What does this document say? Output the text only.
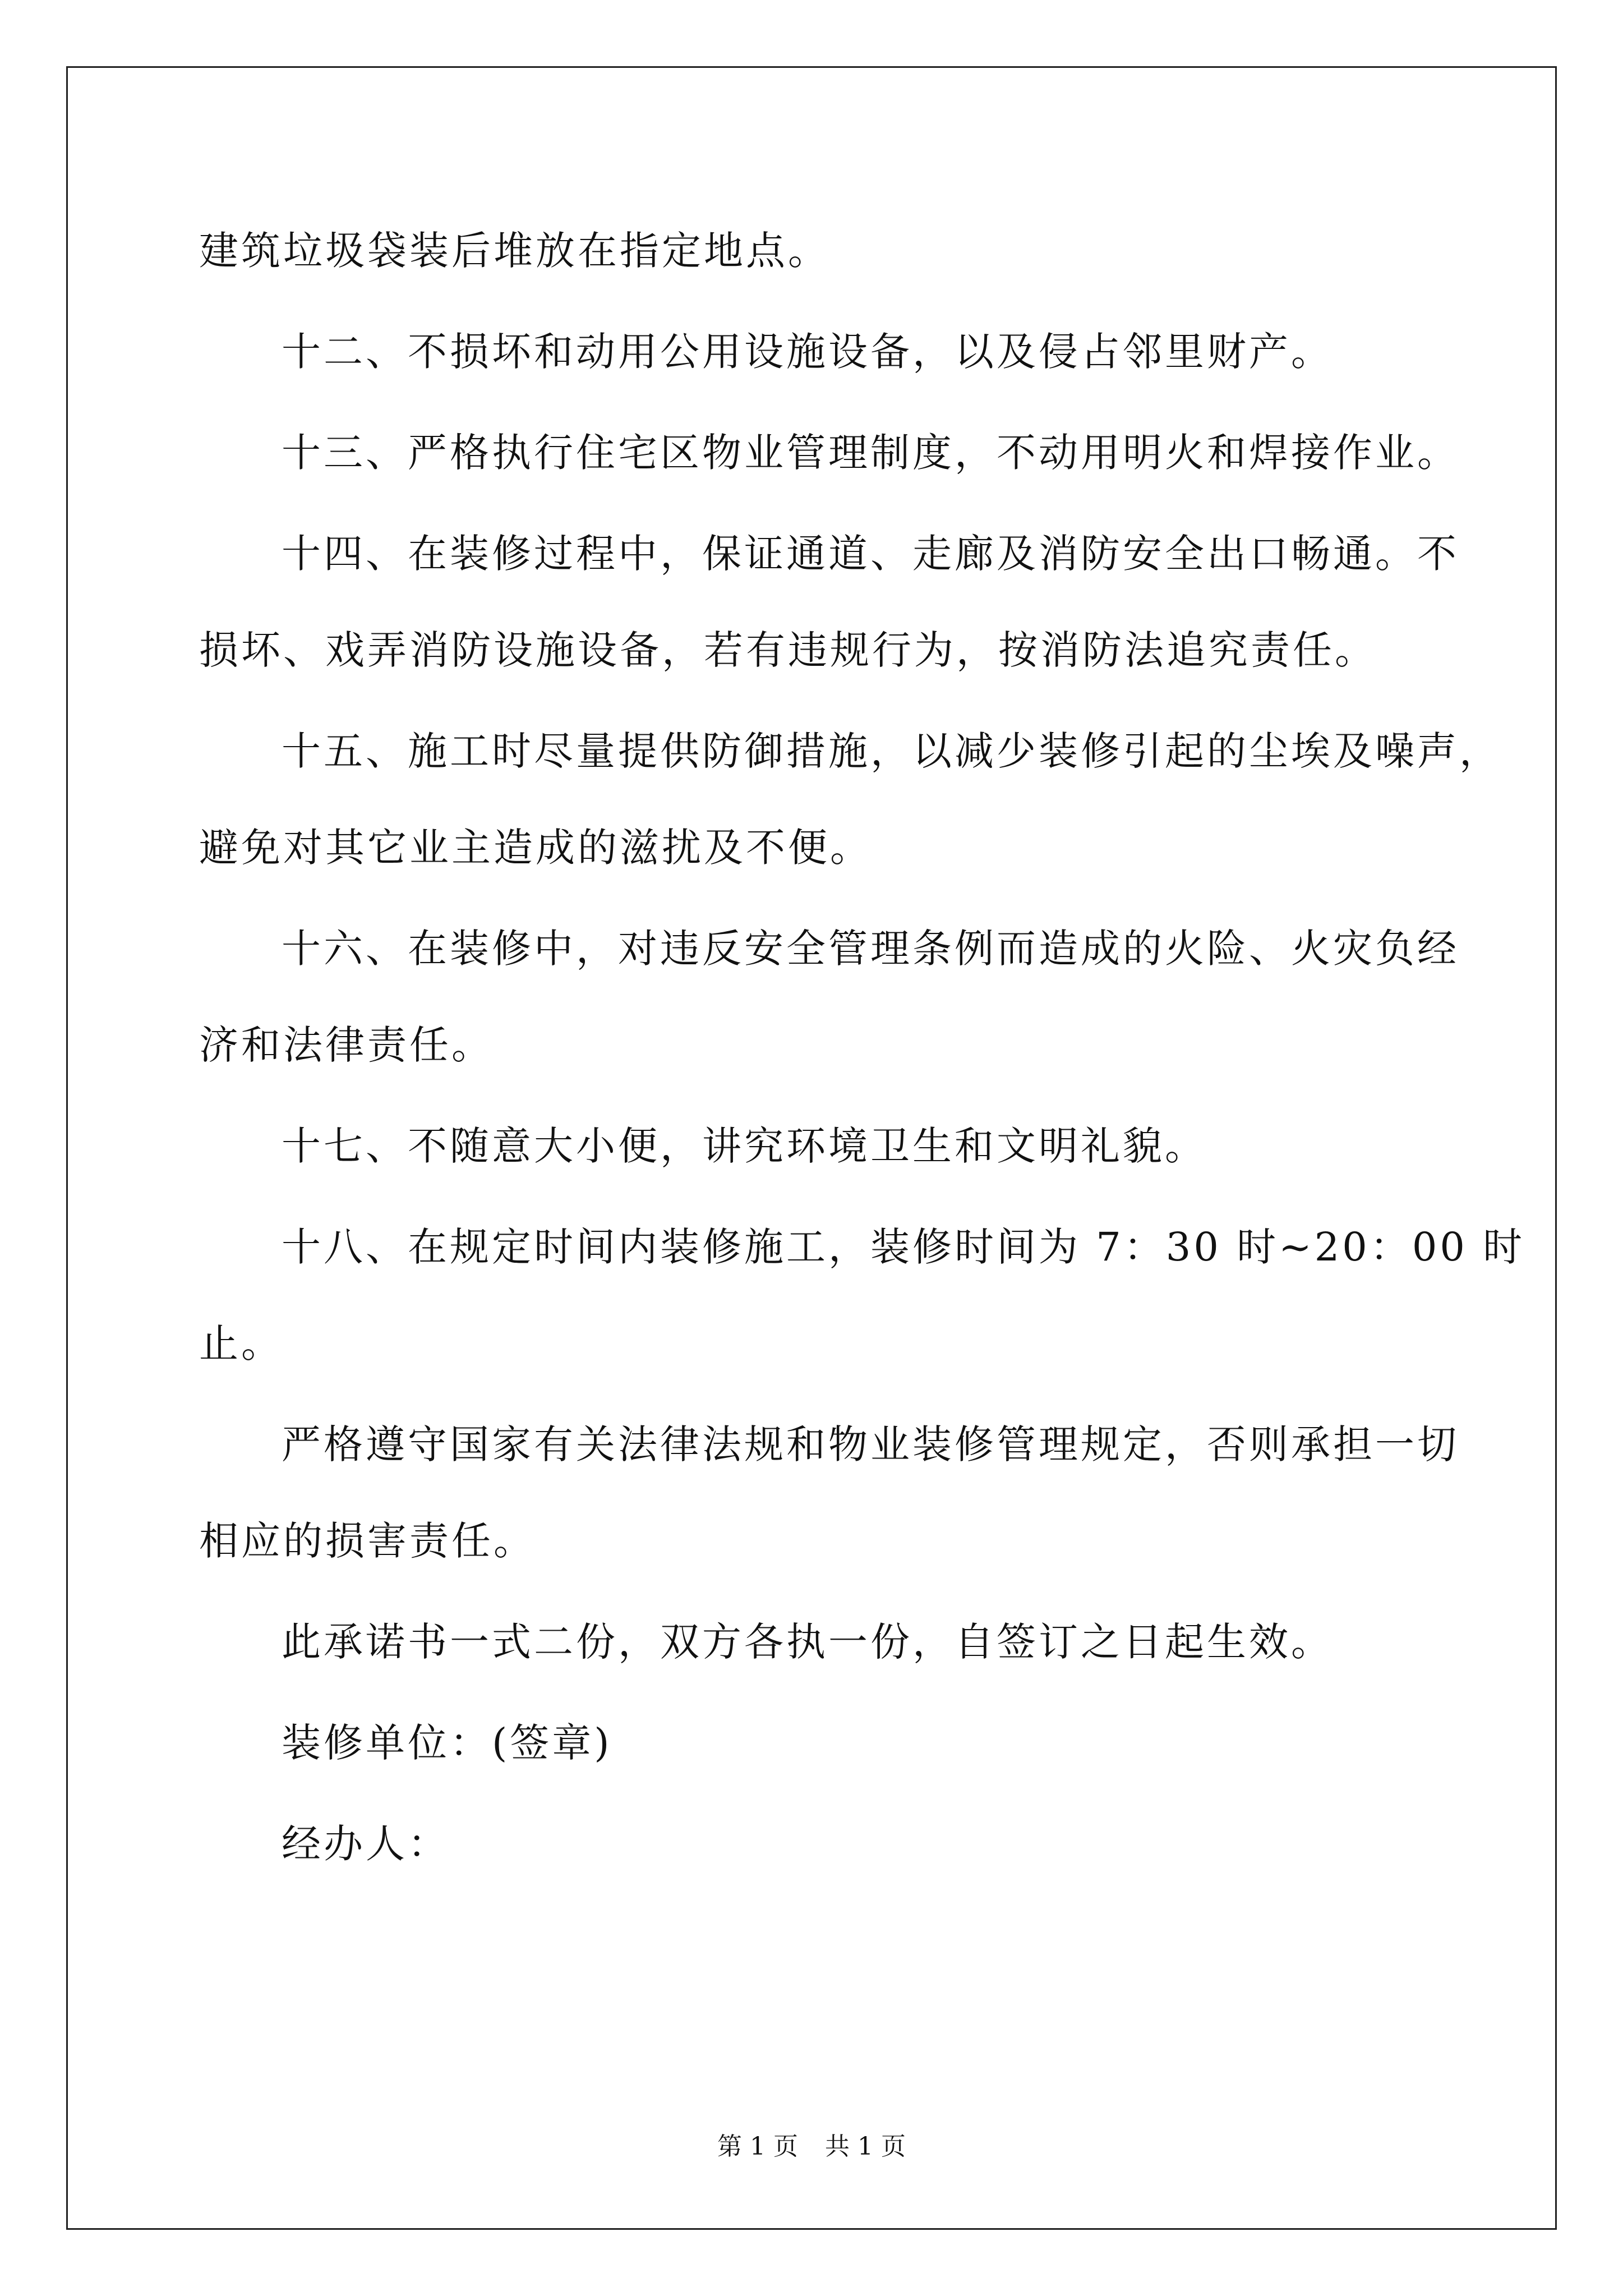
建筑垃圾袋装后堆放在指定地点。
十二、不损坏和动用公用设施设备，以及侵占邻里财产。
十三、严格执行住宅区物业管理制度，不动用明火和焊接作业。
十四、在装修过程中，保证通道、走廊及消防安全出口畅通。不
损坏、戏弄消防设施设备，若有违规行为，按消防法追究责任。
十五、施工时尽量提供防御措施，以减少装修引起的尘埃及噪声，
避免对其它业主造成的滋扰及不便。
十六、在装修中，对违反安全管理条例而造成的火险、火灾负经
济和法律责任。
十七、不随意大小便，讲究环境卫生和文明礼貌。
十八、在规定时间内装修施工，装修时间为 7：30 时~20：00 时
止。
严格遵守国家有关法律法规和物业装修管理规定，否则承担一切
相应的损害责任。
此承诺书一式二份，双方各执一份，自签订之日起生效。
装修单位：(签章)
经办人：
第 1 页 共 1 页
